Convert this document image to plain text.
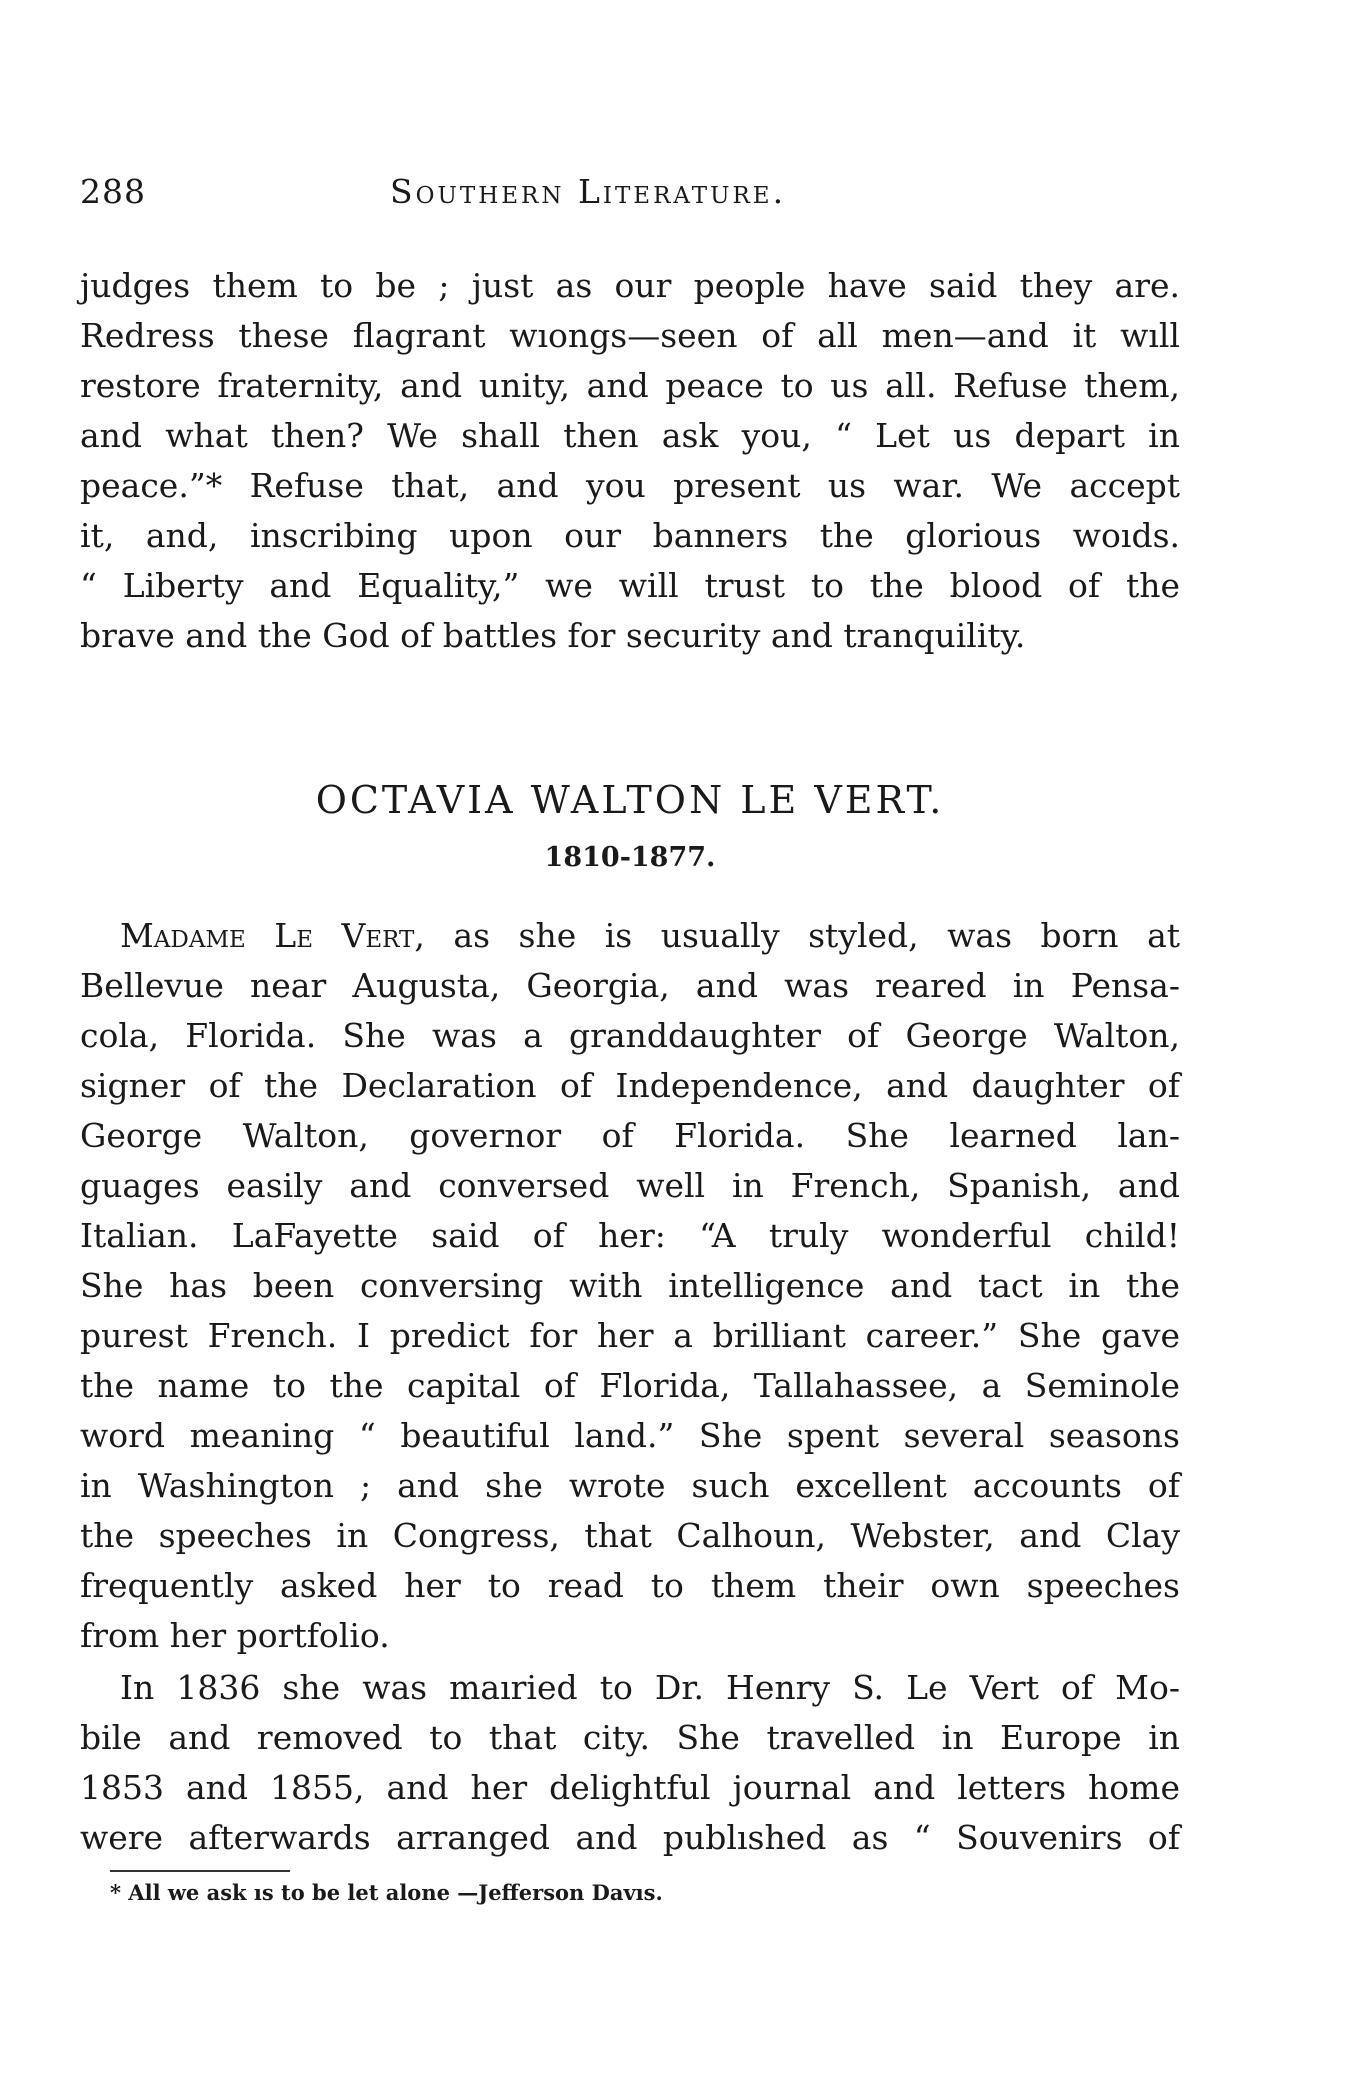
288	Southern Literature.
judges them to be ; just as our people have said they are.
Redress these flagrant wıongs—seen of all men—and it wıll
restore fraternity, and unity, and peace to us all. Refuse them,
and what then? We shall then ask you, “ Let us depart in
peace.”* Refuse that, and you present us war. We accept
it, and, inscribing upon our banners the glorious woıds.
“ Liberty and Equality,” we will trust to the blood of the
brave and the God of battles for security and tranquility.
OCTAVIA WALTON LE VERT.
1810-1877.
Madame Le Vert, as she is usually styled, was born at
Bellevue near Augusta, Georgia, and was reared in Pensa-
cola, Florida. She was a granddaughter of George Walton,
signer of the Declaration of Independence, and daughter of
George Walton, governor of Florida. She learned lan-
guages easily and conversed well in French, Spanish, and
Italian. LaFayette said of her: “A truly wonderful child!
She has been conversing with intelligence and tact in the
purest French. I predict for her a brilliant career.” She gave
the name to the capital of Florida, Tallahassee, a Seminole
word meaning “ beautiful land.” She spent several seasons
in Washington ; and she wrote such excellent accounts of
the speeches in Congress, that Calhoun, Webster, and Clay
frequently asked her to read to them their own speeches
from her portfolio.
In 1836 she was maıried to Dr. Henry S. Le Vert of Mo-
bile and removed to that city. She travelled in Europe in
1853 and 1855, and her delightful journal and letters home
were afterwards arranged and publıshed as “ Souvenirs of
* All we ask ıs to be let alone —Jefferson Davıs.
